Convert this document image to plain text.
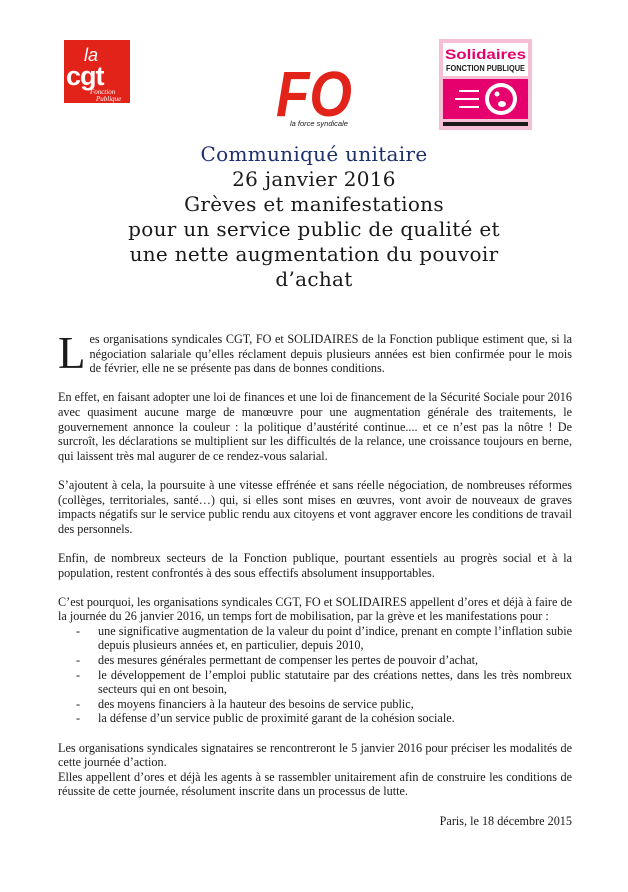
la
cgt
Fonction
Publique FO
la force syndicale
Solidaires
FONCTION PUBLIQUE
Communiqué unitaire
26 janvier 2016
Grèves et manifestations
pour un service public de qualité et une nette augmentation du pouvoir d’achat

L es organisations syndicales CGT, FO et SOLIDAIRES de la Fonction publique estiment que, si la négociation salariale qu’elles réclament depuis plusieurs années est bien confirmée pour le mois de février, elle ne se présente pas dans de bonnes conditions.

En effet, en faisant adopter une loi de finances et une loi de financement de la Sécurité Sociale pour 2016 avec quasiment aucune marge de manœuvre pour une augmentation générale des traitements, le gouvernement annonce la couleur : la politique d’austérité continue.... et ce n’est pas la nôtre ! De surcroît, les déclarations se multiplient sur les difficultés de la relance, une croissance toujours en berne, qui laissent très mal augurer de ce rendez-vous salarial.

S’ajoutent à cela, la poursuite à une vitesse effrénée et sans réelle négociation, de nombreuses réformes (collèges, territoriales, santé…) qui, si elles sont mises en œuvres, vont avoir de nouveaux de graves impacts négatifs sur le service public rendu aux citoyens et vont aggraver encore les conditions de travail des personnels.

Enfin, de nombreux secteurs de la Fonction publique, pourtant essentiels au progrès social et à la population, restent confrontés à des sous effectifs absolument insupportables.

C’est pourquoi, les organisations syndicales CGT, FO et SOLIDAIRES appellent d’ores et déjà à faire de la journée du 26 janvier 2016, un temps fort de mobilisation, par la grève et les manifestations pour :

- une significative augmentation de la valeur du point d’indice, prenant en compte l’inflation subie depuis plusieurs années et, en particulier, depuis 2010,
- des mesures générales permettant de compenser les pertes de pouvoir d’achat,
- le développement de l’emploi public statutaire par des créations nettes, dans les très nombreux secteurs qui en ont besoin,
- des moyens financiers à la hauteur des besoins de service public,
- la défense d’un service public de proximité garant de la cohésion sociale.

Les organisations syndicales signataires se rencontreront le 5 janvier 2016 pour préciser les modalités de cette journée d’action.

Elles appellent d’ores et déjà les agents à se rassembler unitairement afin de construire les conditions de réussite de cette journée, résolument inscrite dans un processus de lutte.

Paris, le 18 décembre 2015
